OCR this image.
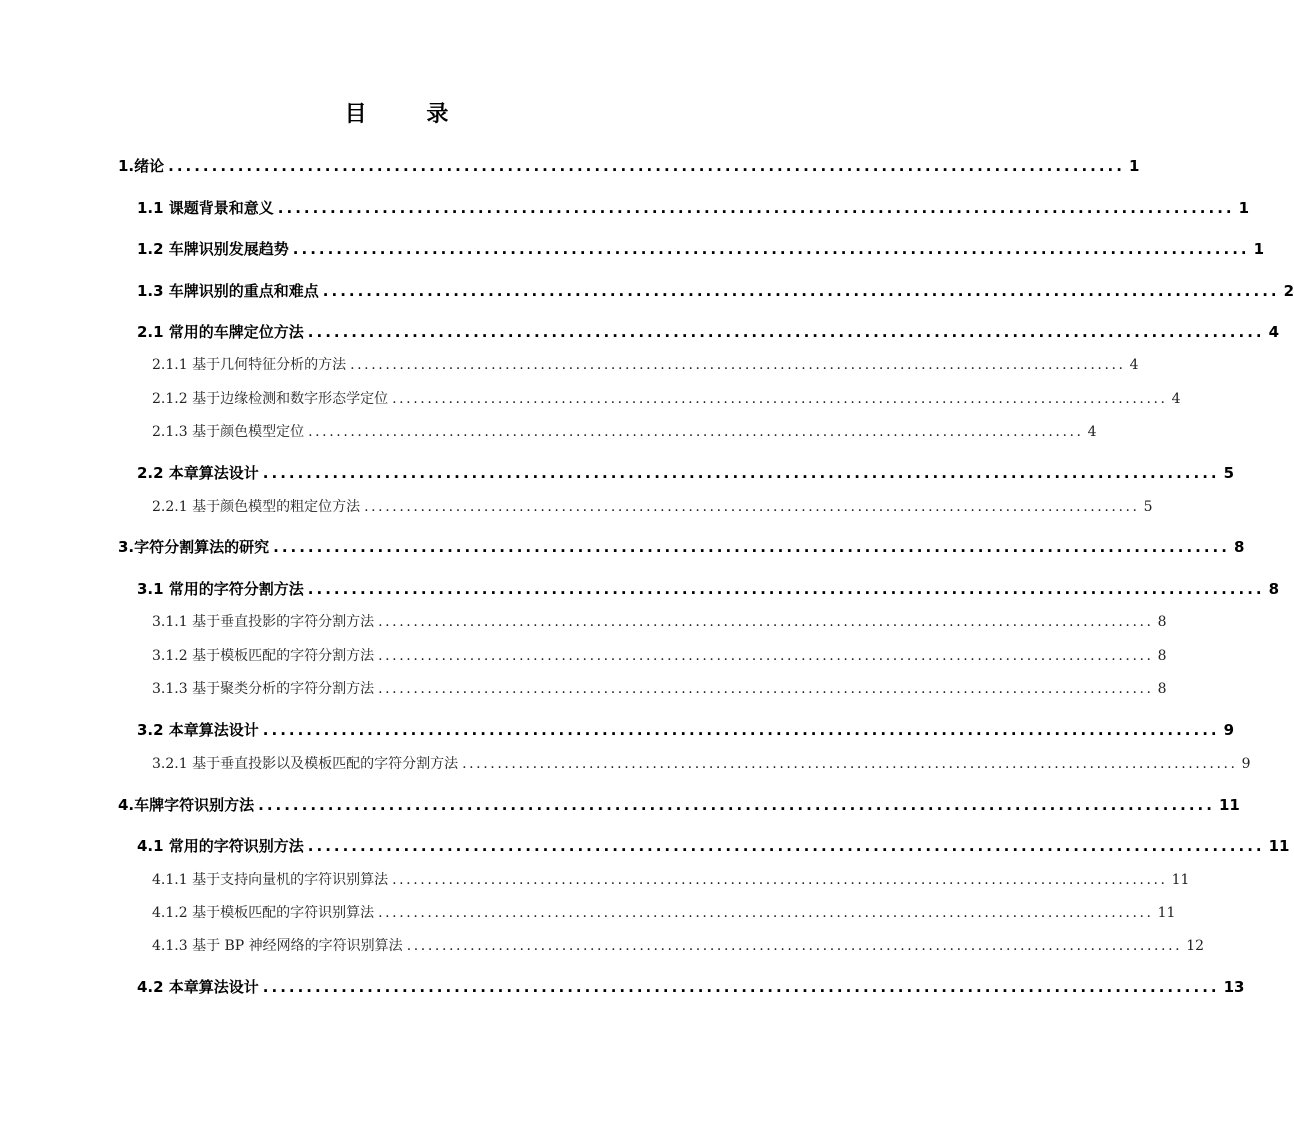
目 录
1.绪论 .............................................................................................................. 1
1.1 课题背景和意义 .............................................................................................................. 1
1.2 车牌识别发展趋势 .............................................................................................................. 1
1.3 车牌识别的重点和难点 .............................................................................................................. 2
2.1 常用的车牌定位方法 .............................................................................................................. 4
2.1.1 基于几何特征分析的方法 .............................................................................................................. 4
2.1.2 基于边缘检测和数字形态学定位 .............................................................................................................. 4
2.1.3 基于颜色模型定位 .............................................................................................................. 4
2.2 本章算法设计 .............................................................................................................. 5
2.2.1 基于颜色模型的粗定位方法 .............................................................................................................. 5
3.字符分割算法的研究 .............................................................................................................. 8
3.1 常用的字符分割方法 .............................................................................................................. 8
3.1.1 基于垂直投影的字符分割方法 .............................................................................................................. 8
3.1.2 基于模板匹配的字符分割方法 .............................................................................................................. 8
3.1.3 基于聚类分析的字符分割方法 .............................................................................................................. 8
3.2 本章算法设计 .............................................................................................................. 9
3.2.1 基于垂直投影以及模板匹配的字符分割方法 .............................................................................................................. 9
4.车牌字符识别方法 .............................................................................................................. 11
4.1 常用的字符识别方法 .............................................................................................................. 11
4.1.1 基于支持向量机的字符识别算法 .............................................................................................................. 11
4.1.2 基于模板匹配的字符识别算法 .............................................................................................................. 11
4.1.3 基于 BP 神经网络的字符识别算法 .............................................................................................................. 12
4.2 本章算法设计 .............................................................................................................. 13
